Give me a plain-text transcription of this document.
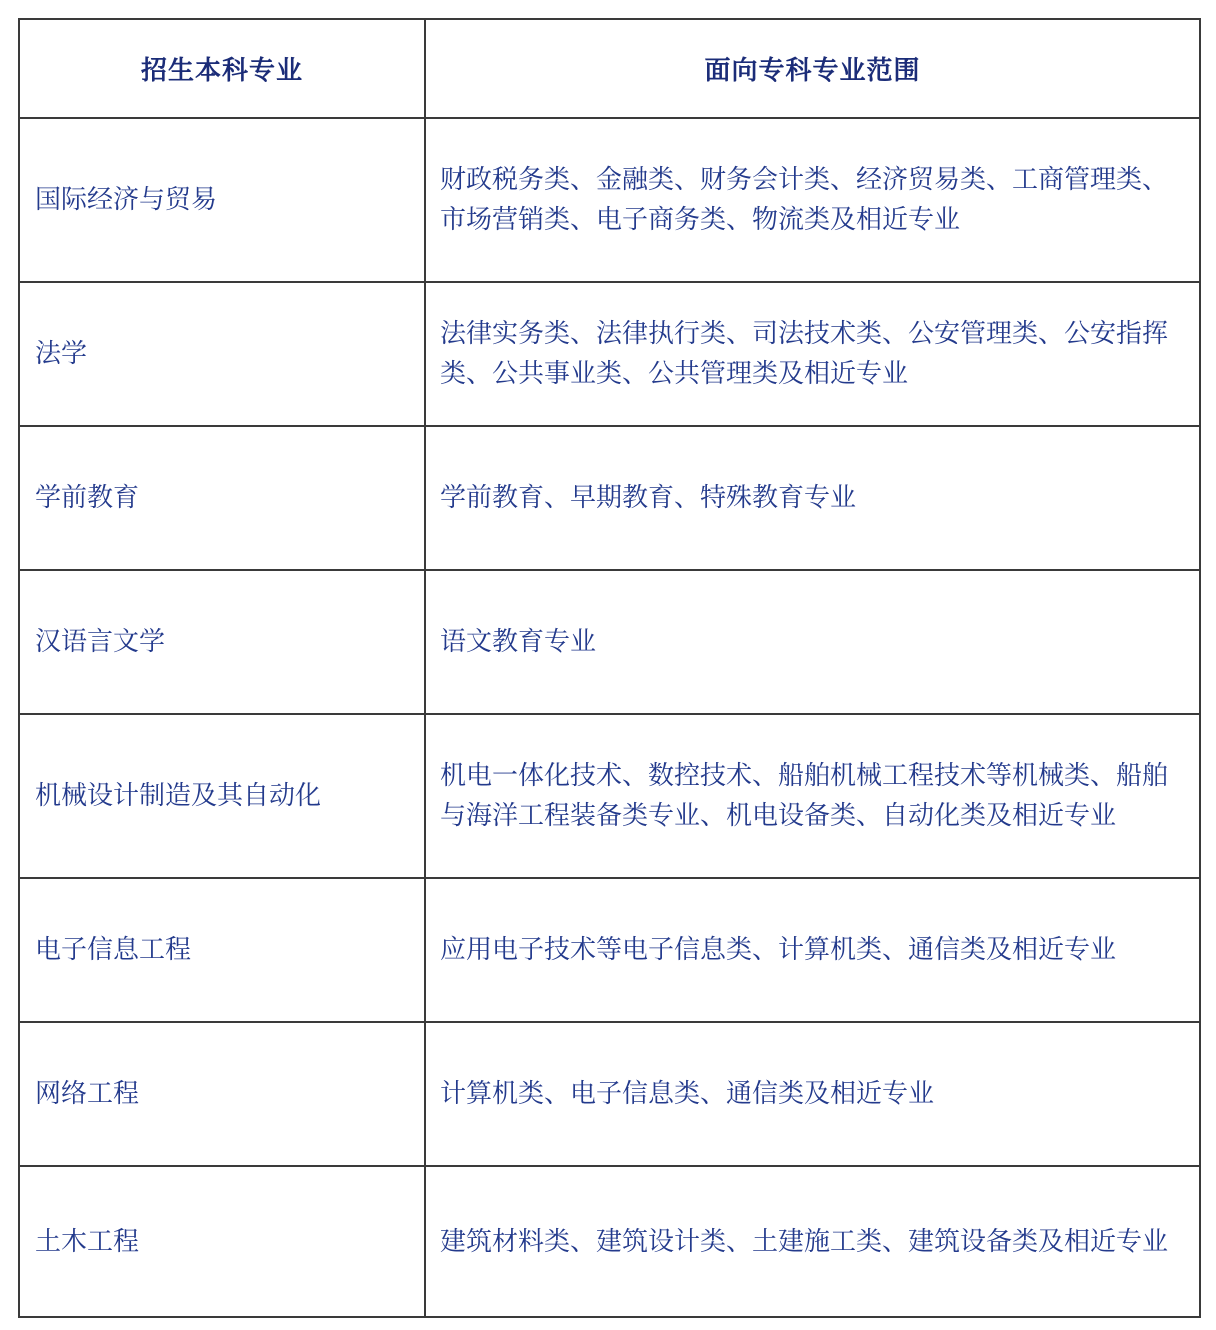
招生本科专业	面向专科专业范围
国际经济与贸易	财政税务类、金融类、财务会计类、经济贸易类、工商管理类、市场营销类、电子商务类、物流类及相近专业
法学	法律实务类、法律执行类、司法技术类、公安管理类、公安指挥类、公共事业类、公共管理类及相近专业
学前教育	学前教育、早期教育、特殊教育专业
汉语言文学	语文教育专业
机械设计制造及其自动化	机电一体化技术、数控技术、船舶机械工程技术等机械类、船舶与海洋工程装备类专业、机电设备类、自动化类及相近专业
电子信息工程	应用电子技术等电子信息类、计算机类、通信类及相近专业
网络工程	计算机类、电子信息类、通信类及相近专业
土木工程	建筑材料类、建筑设计类、土建施工类、建筑设备类及相近专业
